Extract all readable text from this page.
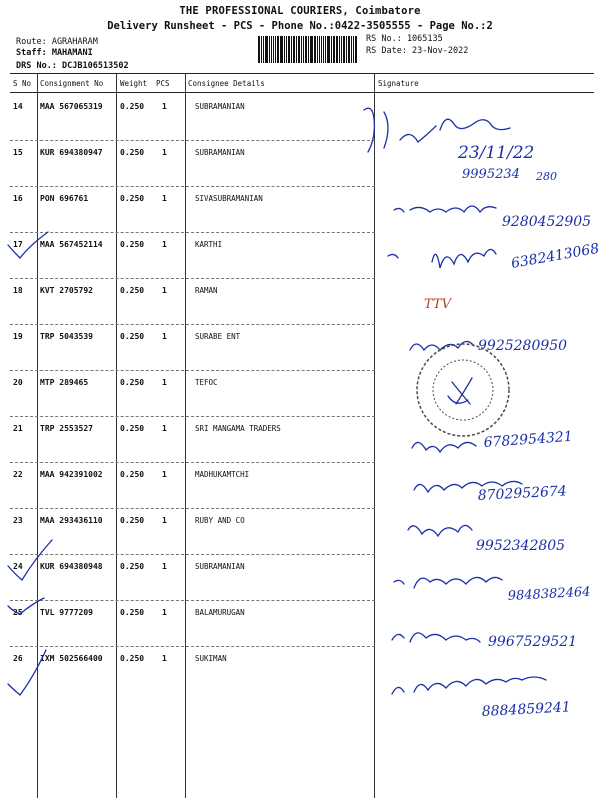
THE PROFESSIONAL COURIERS, Coimbatore
Delivery Runsheet - PCS - Phone No.:0422-3505555 - Page No.:2
Route: AGRAHARAM
Staff: MAHAMANI
DRS No.: DCJB106513502
RS No.: 1065135
RS Date: 23-Nov-2022
S No Consignment No Weight PCS Consignee Details	Signature
14 MAA 567065319 0.250 1	SUBRAMANIAN
15 KUR 694380947 0.250 1	SUBRAMANIAN
16 PON 696761	0.250 1	SIVASUBRAMANIAN
17 MAA 567452114 0.250 1	KARTHI
18 KVT 2705792	0.250 1	RAMAN
19 TRP 5043539	0.250 1	SURABE ENT
20 MTP 289465	0.250 1	TEFOC
21 TRP 2553527	0.250 1	SRI MANGAMA TRADERS
22 MAA 942391002 0.250 1	MADHUKAMTCHI
23 MAA 293436110 0.250 1	RUBY AND CO
24 KUR 694380948 0.250 1	SUBRAMANIAN
25 TVL 9777209	0.250 1	BALAMURUGAN
26 IXM 502566400 0.250 1	SUKIMAN
23/11/22
9995234 280
9280452905
6382413068
TTV
9925280950
6782954321
8702952674
9952342805
9848382464
9967529521
8884859241
